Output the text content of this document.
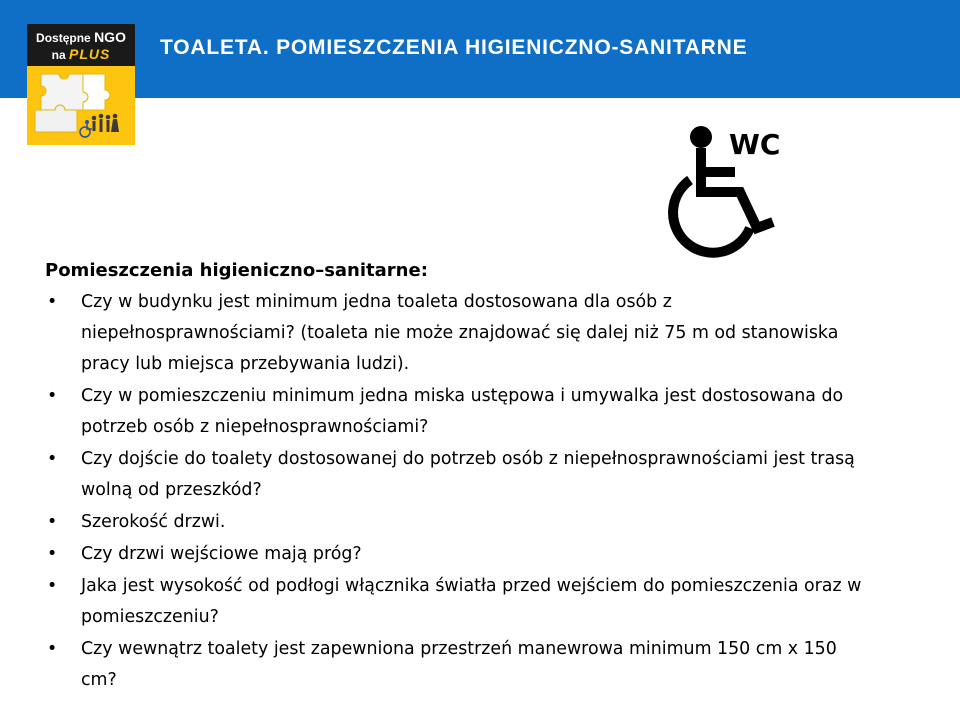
TOALETA. POMIESZCZENIA HIGIENICZNO-SANITARNE
Dostępne NGO
na PLUS
WC

Pomieszczenia higieniczno–sanitarne:

• Czy w budynku jest minimum jedna toaleta dostosowana dla osób z niepełnosprawnościami? (toaleta nie może znajdować się dalej niż 75 m od stanowiska pracy lub miejsca przebywania ludzi).
• Czy w pomieszczeniu minimum jedna miska ustępowa i umywalka jest dostosowana do potrzeb osób z niepełnosprawnościami?
• Czy dojście do toalety dostosowanej do potrzeb osób z niepełnosprawnościami jest trasą wolną od przeszkód?
• Szerokość drzwi.
• Czy drzwi wejściowe mają próg?
• Jaka jest wysokość od podłogi włącznika światła przed wejściem do pomieszczenia oraz w pomieszczeniu?
• Czy wewnątrz toalety jest zapewniona przestrzeń manewrowa minimum 150 cm x 150 cm?
